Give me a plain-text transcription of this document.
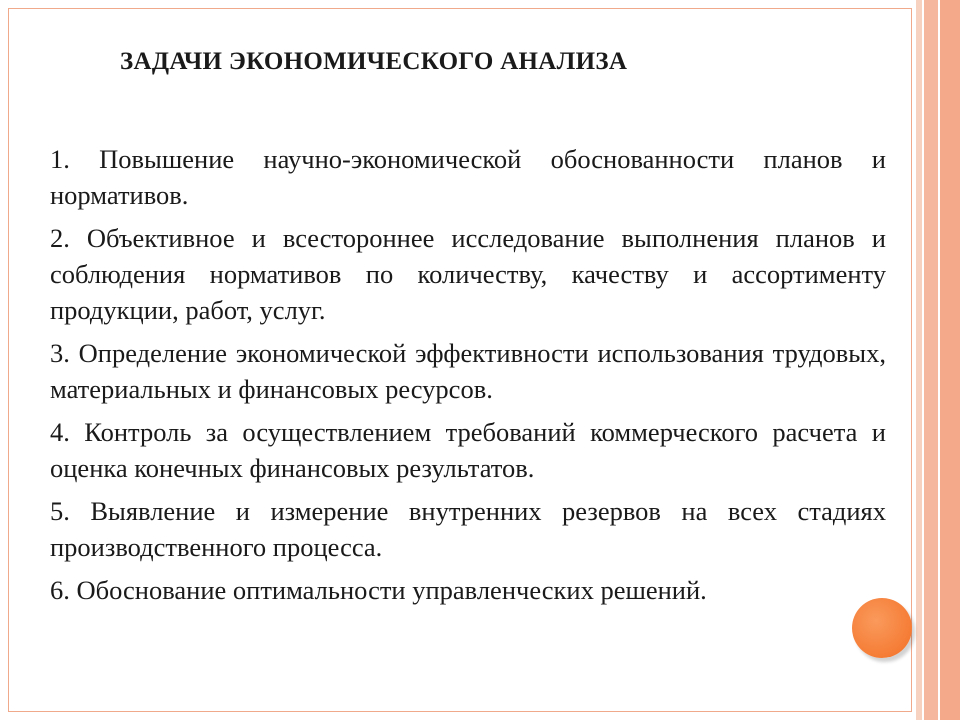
ЗАДАЧИ ЭКОНОМИЧЕСКОГО АНАЛИЗА
1. Повышение научно-экономической обоснованности планов и нормативов.
2. Объективное и всестороннее исследование выполнения планов и соблюдения нормативов по количеству, качеству и ассортименту продукции, работ, услуг.
3. Определение экономической эффективности использования трудовых, материальных и финансовых ресурсов.
4. Контроль за осуществлением требований коммерческого расчета и оценка конечных финансовых результатов.
5. Выявление и измерение внутренних резервов на всех стадиях производственного процесса.
6. Обоснование оптимальности управленческих решений.
